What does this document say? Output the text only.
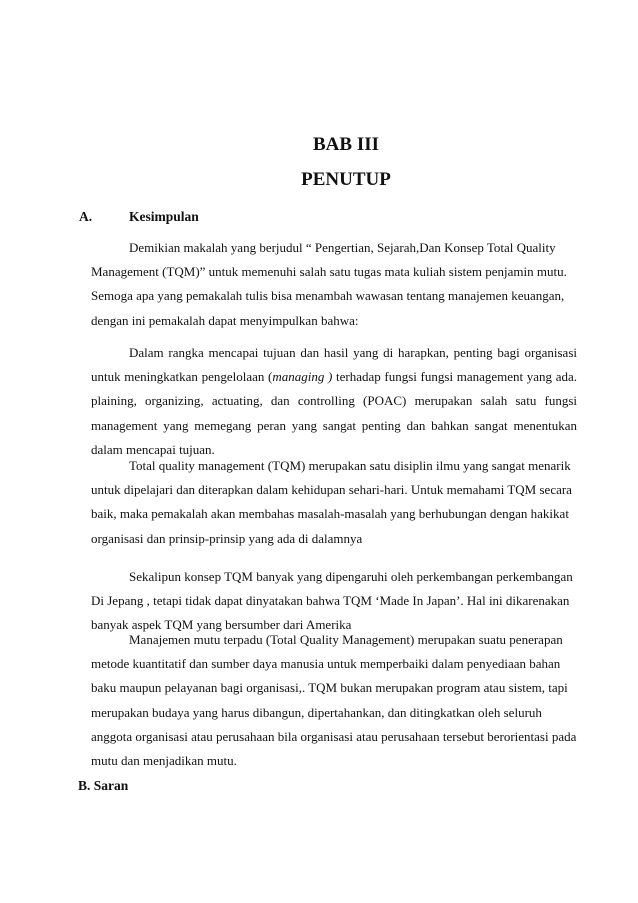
BAB III
PENUTUP
A.	Kesimpulan
Demikian makalah yang berjudul “ Pengertian, Sejarah,Dan Konsep Total Quality
Management (TQM)” untuk memenuhi salah satu tugas mata kuliah sistem penjamin mutu.
Semoga apa yang pemakalah tulis bisa menambah wawasan tentang manajemen keuangan,
dengan ini pemakalah dapat menyimpulkan bahwa:
Dalam rangka mencapai tujuan dan hasil yang di harapkan, penting bagi organisasi
untuk meningkatkan pengelolaan (managing ) terhadap fungsi fungsi management yang ada.
plaining, organizing, actuating, dan controlling (POAC) merupakan salah satu fungsi
management yang memegang peran yang sangat penting dan bahkan sangat menentukan
dalam mencapai tujuan.
Total quality management (TQM) merupakan satu disiplin ilmu yang sangat menarik
untuk dipelajari dan diterapkan dalam kehidupan sehari-hari. Untuk memahami TQM secara
baik, maka pemakalah akan membahas masalah-masalah yang berhubungan dengan hakikat
organisasi dan prinsip-prinsip yang ada di dalamnya
Sekalipun konsep TQM banyak yang dipengaruhi oleh perkembangan perkembangan
Di Jepang , tetapi tidak dapat dinyatakan bahwa TQM ‘Made In Japan’. Hal ini dikarenakan
banyak aspek TQM yang bersumber dari Amerika
Manajemen mutu terpadu (Total Quality Management) merupakan suatu penerapan
metode kuantitatif dan sumber daya manusia untuk memperbaiki dalam penyediaan bahan
baku maupun pelayanan bagi organisasi,. TQM bukan merupakan program atau sistem, tapi
merupakan budaya yang harus dibangun, dipertahankan, dan ditingkatkan oleh seluruh
anggota organisasi atau perusahaan bila organisasi atau perusahaan tersebut berorientasi pada
mutu dan menjadikan mutu.
B. Saran
